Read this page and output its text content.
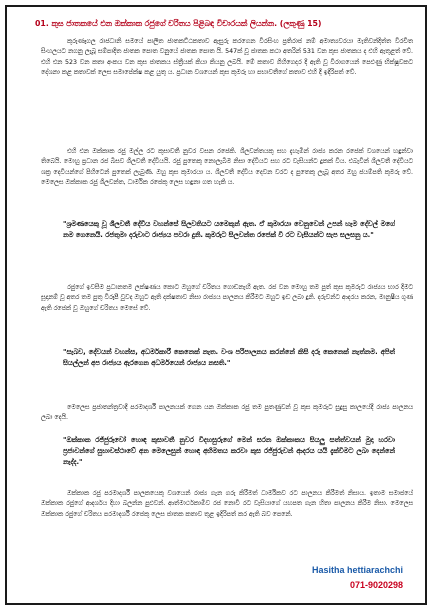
01. කුස ජාතකයේ එන ඔක්කාක රජුගේ චරිතය පිළිබඳ විචාරයක් ලියන්න. (ලකුණු 15)

කුරුණෑගල රාජධානි සමයේ පාලිත ජාතකට්ඨකතාව ඇසුරු කරගෙන වීරසිංහ ප්‍රතිරාජ නම් අමාත්‍යවරයා මැතිවන්දිත්ත විරචිත සිංහලයට නගනු ලැබූ සම්පාදිත ජාතක පොත වනුයේ ජාතක පොත යි. 547ක් වූ ජාතක කථා අතරින් 531 වන කුස ජාතකය ද එහි ඇතුළත් වේ. එහි එන 523 වන කතා අංකය වන කුස ජාතකය ස්ත්‍රීයක් කියා කියනු ලබයි. මේ කතාව ගිහිගෙදර දී ඇති වූ විරාගයෙන් පෙළුණු භික්ෂූවකට දේශනා කළ කතාවක් ලෙස සමාපේක්ෂ කළ යුතු ය. ප්‍රධාන වශයෙන් කුස කුමරු හා පභාවතීගේ කතාව එහි දී ඉදිරිපත් වේ.

එහි එන ඔක්කාක රජු මල්ල රට කුසාවතී නුවර වසන රජෙකි. ශීලවන්තයකු සහ දැහැමින් රාජ්‍ය කරන රජෙක් වශයෙන් හඳුන්වා තිබෙයි. මොහු ප්‍රධාන රජ බිසව ශීලවතී දේවියයි. රජු පුතෙකු නොලැබීම නිසා දේවියට සහ රට වැසියන්ට දුකක් විය. එබැවින් ශීලවතී දේවියට ශක්‍ර දෙවියන්ගේ පිහිටෙන් පුතෙක් ලැබුණි. ඔහු කුස කුමාරයා ය. ශීලවතී දේවිය දෙවන වරට ද පුතෙකු ලැබූ අතර ඔහු ජයම්පති කුමරු වේ. මෙලෙස ඔක්කාක රජු ශීලවන්ත, ධාර්මික රජෙකු ලෙස හඳුනා ගත හැකි ය.

"ශ්‍රමණයෙකු වූ ශීලවතී දේවිය වහන්සේ සිලවතියට යමෙකුන් ඇත. ඒ කුමාරයා වෙනුවෙන් උපන් හැම දේවල් මගේ නම ගෙනෙයි. රජතුමා දරුවාට රාජ්‍යය පවරා දුනි. කුමරුට සිලවන්ත රජෙක් වී රට වැසියන්ට සැප සලසනු ය."

රජුගේ ඉවසීම ප්‍රධානතම ලක්ෂණය කොට ඔහුගේ චරිතය ගොඩනැඟී ඇත. රජ වන මොහු තම පුත් කුස කුමරුට රාජ්‍යය භාර දීමට සූදානම් වූ අතර තම පුතු විරූපී වුවද ඔහුට ඇති දක්ෂතාව නිසා රාජ්‍යය පාලනය කිරීමට ඔහුට ඉඩ ලබා දුනි. දරුවන්ට ආදරය කරන, මානුෂීය ගුණ ඇති රජෙක් වූ ඔහුගේ චරිතය මෙසේ වේ.

"සැබව, දේවයන් වහන්ස, අධර්මකාරී කෙනෙක් නැත. වංශ පරිපාලනය කරන්නේ කිසි දරු කෙනෙක් නැත්නම. අපිත් සියල්ලන් අප රාජ්‍යය ඇරගෙන අධර්මයෙන් රාජ්‍යය නසති."

මෙලෙස ප්‍රජාතන්ත්‍රවාදී පරමාදර්ශී පාලනයක් ගෙන යන ඔක්කාක රජු තම පුතණුවන් වූ කුස කුමරුට සුදුසු කාලයේදී රාජ්‍ය පාලනය ලබා දෙයි.

"ඔක්කාක රජ්ජුරුවෝ හොඳ කුසාවතී නුවර විදහසුරුගේ මෙන් සරන ඔක්කාකය සියලු සත්ත්වයන් මුදා හරවා ප්‍රජාවන්ගේ සුභාවස්ථාවේ අන මෙලෙසුන් හොඳ අභිමතය කරවා කුස රජ්ජුරුවන් ආදරය යයි දැක්වීමට ලබා දෙන්නේ නැද්ද."

ඔක්කාක රජු පරමාදර්ශී පාලකයෙකු වශයෙන් රාජ්‍ය ගැන ගරු කිරීමත් ධාර්මිකව රට පාලනය කිරීමත් නිසාය. ඉතාම සමාජයේ ඔක්කාක රජුගේ ආදර්ශය දිහා බලන්න පුළුවන්. ආත්මාර්ථකාමීව රජ නොවී රට වැසියාගේ යහපත ගැන හිතා පාලනය කිරීම නිසා. මෙලෙස ඔක්කාක රජුගේ චරිතය පරමාදර්ශී රජෙකු ලෙස ජාතක කතාව තුළ ඉදිරිපත් කර ඇති බව පෙනේ.

Hasitha hettiarachchi
071-9020298
